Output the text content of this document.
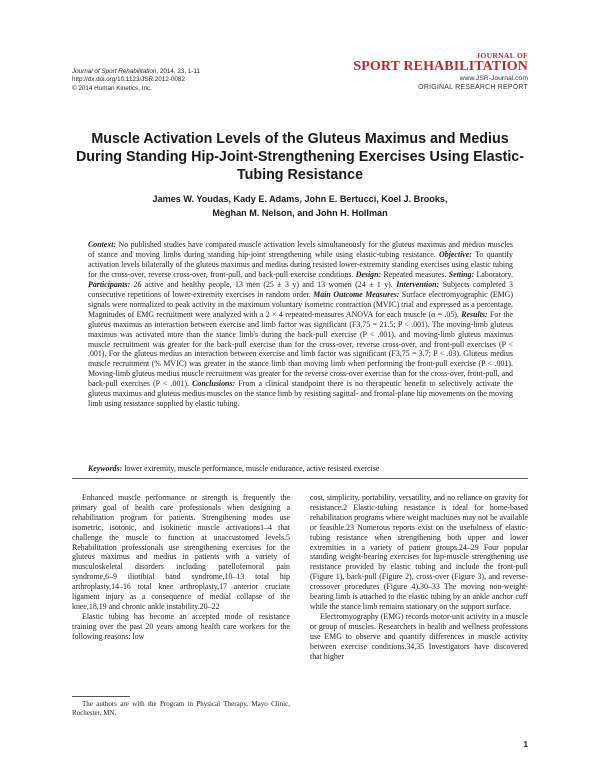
Journal of Sport Rehabilitation, 2014, 23, 1-11
http://dx.doi.org/10.1123/JSR.2012-0082
© 2014 Human Kinetics, Inc.
JOURNAL OF
SPORT REHABILITATION
www.JSR-Journal.com
ORIGINAL RESEARCH REPORT
Muscle Activation Levels of the Gluteus Maximus and Medius During Standing Hip-Joint-Strengthening Exercises Using Elastic-Tubing Resistance
James W. Youdas, Kady E. Adams, John E. Bertucci, Koel J. Brooks,
Meghan M. Nelson, and John H. Hollman
Context: No published studies have compared muscle activation levels simultaneously for the gluteus maximus and medius muscles of stance and moving limbs during standing hip-joint strengthening while using elastic-tubing resistance. Objective: To quantify activation levels bilaterally of the gluteus maximus and medius during resisted lower-extremity standing exercises using elastic tubing for the cross-over, reverse cross-over, front-pull, and back-pull exercise conditions. Design: Repeated measures. Setting: Laboratory. Participants: 26 active and healthy people, 13 men (25 ± 3 y) and 13 women (24 ± 1 y). Intervention: Subjects completed 3 consecutive repetitions of lower-extremity exercises in random order. Main Outcome Measures: Surface electromyographic (EMG) signals were normalized to peak activity in the maximum voluntary isometric contraction (MVIC) trial and expressed as a percentage. Magnitudes of EMG recruitment were analyzed with a 2 × 4 repeated-measures ANOVA for each muscle (α = .05). Results: For the gluteus maximus an interaction between exercise and limb factor was significant (F3,75 = 21.5; P < .001). The moving-limb gluteus maximus was activated more than the stance limb's during the back-pull exercise (P < .001), and moving-limb gluteus maximus muscle recruitment was greater for the back-pull exercise than for the cross-over, reverse cross-over, and front-pull exercises (P < .001). For the gluteus medius an interaction between exercise and limb factor was significant (F3,75 = 3.7; P < .03). Gluteus medius muscle recruitment (% MVIC) was greater in the stance limb than moving limb when performing the front-pull exercise (P < .001). Moving-limb gluteus medius muscle recruitment was greater for the reverse cross-over exercise than for the cross-over, front-pull, and back-pull exercises (P < .001). Conclusions: From a clinical standpoint there is no therapeutic benefit to selectively activate the gluteus maximus and gluteus medius muscles on the stance limb by resisting sagittal- and frontal-plane hip movements on the moving limb using resistance supplied by elastic tubing.
Keywords: lower extremity, muscle performance, muscle endurance, active resisted exercise

Enhanced muscle performance or strength is frequently the primary goal of health care professionals when designing a rehabilitation program for patients. Strengthening modes use isometric, isotonic, and isokinetic muscle activations1–4 that challenge the muscle to function at unaccustomed levels.5 Rehabilitation professionals use strengthening exercises for the gluteus maximus and medius in patients with a variety of musculoskeletal disorders including patellofemoral pain syndrome,6–9 iliotibial band syndrome,10–13 total hip arthroplasty,14–16 total knee arthroplasty,17 anterior cruciate ligament injury as a consequence of medial collapse of the knee,18,19 and chronic ankle instability.20–22

Elastic tubing has become an accepted mode of resistance training over the past 20 years among health care workers for the following reasons: low

cost, simplicity, portability, versatility, and no reliance on gravity for resistance.2 Elastic-tubing resistance is ideal for home-based rehabilitation programs where weight machines may not be available or feasible.23 Numerous reports exist on the usefulness of elastic-tubing resistance when strengthening both upper and lower extremities in a variety of patient groups.24–29 Four popular standing weight-bearing exercises for hip-muscle strengthening use resistance provided by elastic tubing and include the front-pull (Figure 1), back-pull (Figure 2), cross-over (Figure 3), and reverse-crossover procedures (Figure 4).30–33 The moving non-weight-bearing limb is attached to the elastic tubing by an ankle anchor cuff while the stance limb remains stationary on the support surface.

Electromyography (EMG) records motor-unit activity in a muscle or group of muscles. Researchers in health and wellness professions use EMG to observe and quantify differences in muscle activity between exercise conditions.34,35 Investigators have discovered that higher

The authors are with the Program in Physical Therapy, Mayo Clinic, Rochester, MN.
1
